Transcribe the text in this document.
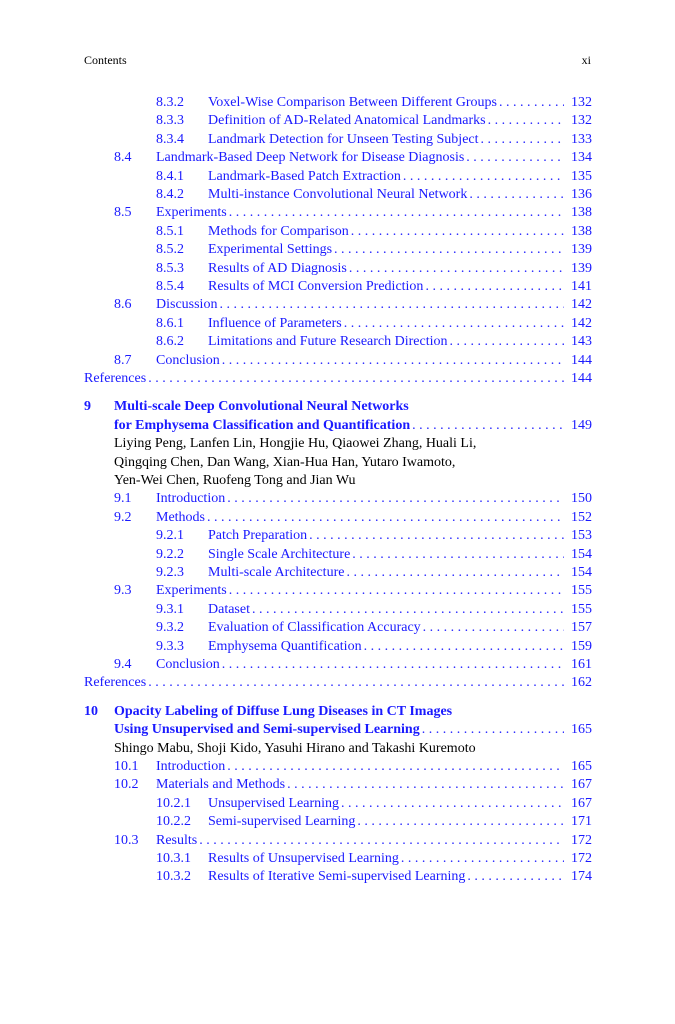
Contents	xi
8.3.2	Voxel-Wise Comparison Between Different Groups . . .	132
8.3.3	Definition of AD-Related Anatomical Landmarks . . .	132
8.3.4	Landmark Detection for Unseen Testing Subject . . .	133
8.4	Landmark-Based Deep Network for Disease Diagnosis . . .	134
8.4.1	Landmark-Based Patch Extraction . . .	135
8.4.2	Multi-instance Convolutional Neural Network . . .	136
8.5	Experiments . . .	138
8.5.1	Methods for Comparison . . .	138
8.5.2	Experimental Settings . . .	139
8.5.3	Results of AD Diagnosis . . .	139
8.5.4	Results of MCI Conversion Prediction . . .	141
8.6	Discussion . . .	142
8.6.1	Influence of Parameters . . .	142
8.6.2	Limitations and Future Research Direction . . .	143
8.7	Conclusion . . .	144
References . . .	144
9	Multi-scale Deep Convolutional Neural Networks
for Emphysema Classification and Quantification . . .	149
Liying Peng, Lanfen Lin, Hongjie Hu, Qiaowei Zhang, Huali Li,
Qingqing Chen, Dan Wang, Xian-Hua Han, Yutaro Iwamoto,
Yen-Wei Chen, Ruofeng Tong and Jian Wu
9.1	Introduction . . .	150
9.2	Methods . . .	152
9.2.1	Patch Preparation . . .	153
9.2.2	Single Scale Architecture . . .	154
9.2.3	Multi-scale Architecture . . .	154
9.3	Experiments . . .	155
9.3.1	Dataset . . .	155
9.3.2	Evaluation of Classification Accuracy . . .	157
9.3.3	Emphysema Quantification . . .	159
9.4	Conclusion . . .	161
References . . .	162
10	Opacity Labeling of Diffuse Lung Diseases in CT Images
Using Unsupervised and Semi-supervised Learning . . .	165
Shingo Mabu, Shoji Kido, Yasuhi Hirano and Takashi Kuremoto
10.1	Introduction . . .	165
10.2	Materials and Methods . . .	167
10.2.1	Unsupervised Learning . . .	167
10.2.2	Semi-supervised Learning . . .	171
10.3	Results . . .	172
10.3.1	Results of Unsupervised Learning . . .	172
10.3.2	Results of Iterative Semi-supervised Learning . . .	174
